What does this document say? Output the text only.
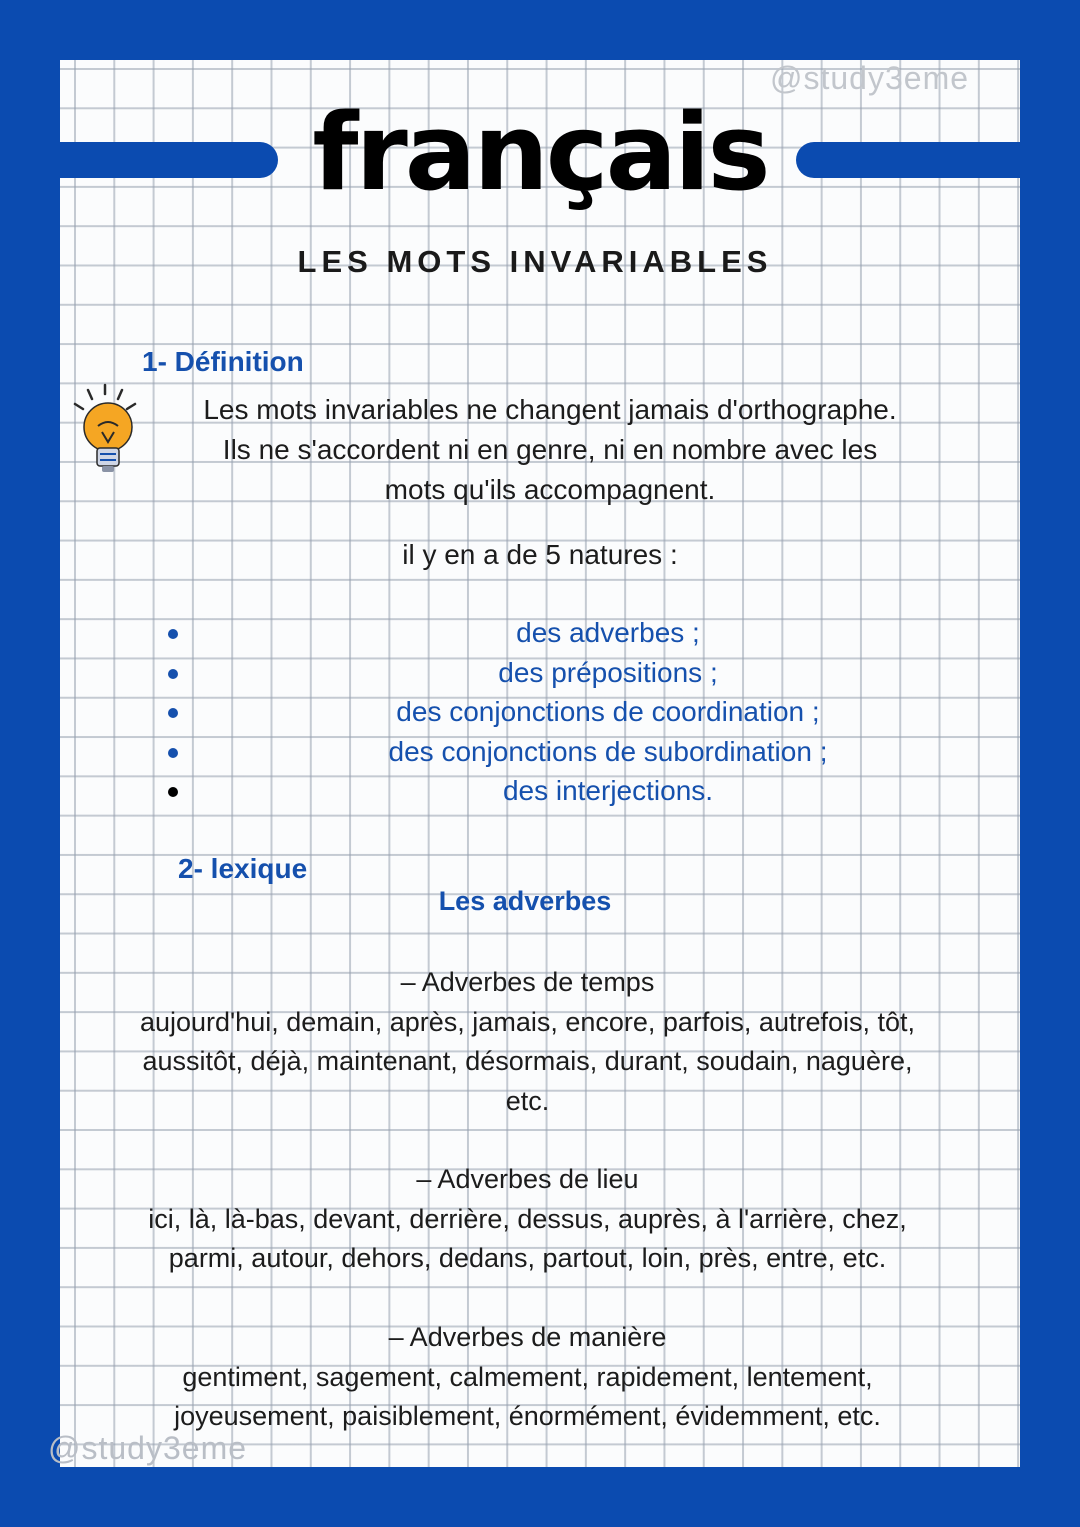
@study3eme
français
LES MOTS INVARIABLES
1- Définition
Les mots invariables ne changent jamais d'orthographe.
Ils ne s'accordent ni en genre, ni en nombre avec les
mots qu'ils accompagnent.
il y en a de 5 natures :
des adverbes ;
des prépositions ;
des conjonctions de coordination ;
des conjonctions de subordination ;
des interjections.
2- lexique
Les adverbes
– Adverbes de temps
aujourd'hui, demain, après, jamais, encore, parfois, autrefois, tôt,
aussitôt, déjà, maintenant, désormais, durant, soudain, naguère,
etc.
– Adverbes de lieu
ici, là, là-bas, devant, derrière, dessus, auprès, à l'arrière, chez,
parmi, autour, dehors, dedans, partout, loin, près, entre, etc.
– Adverbes de manière
gentiment, sagement, calmement, rapidement, lentement,
joyeusement, paisiblement, énormément, évidemment, etc.
@study3eme
